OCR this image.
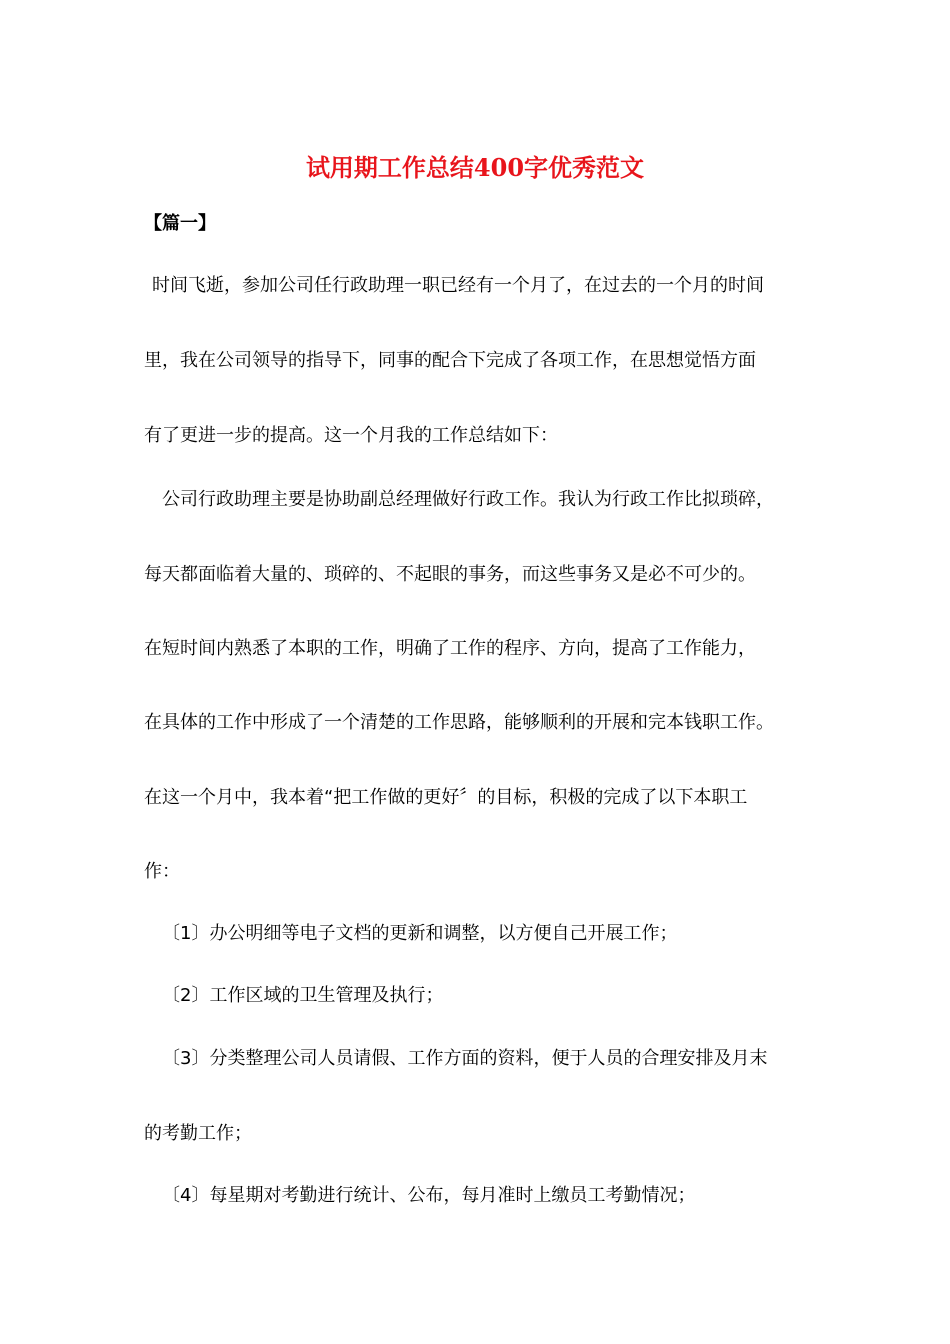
试用期工作总结400字优秀范文
【篇一】
时间飞逝，参加公司任行政助理一职已经有一个月了，在过去的一个月的时间
里，我在公司领导的指导下，同事的配合下完成了各项工作，在思想觉悟方面
有了更进一步的提高。这一个月我的工作总结如下：
公司行政助理主要是协助副总经理做好行政工作。我认为行政工作比拟琐碎，
每天都面临着大量的、琐碎的、不起眼的事务，而这些事务又是必不可少的。
在短时间内熟悉了本职的工作，明确了工作的程序、方向，提高了工作能力，
在具体的工作中形成了一个清楚的工作思路，能够顺利的开展和完本钱职工作。
在这一个月中，我本着“把工作做的更好〞的目标，积极的完成了以下本职工
作：
〔1〕办公明细等电子文档的更新和调整，以方便自己开展工作；
〔2〕工作区域的卫生管理及执行；
〔3〕分类整理公司人员请假、工作方面的资料，便于人员的合理安排及月末
的考勤工作；
〔4〕每星期对考勤进行统计、公布，每月准时上缴员工考勤情况；
